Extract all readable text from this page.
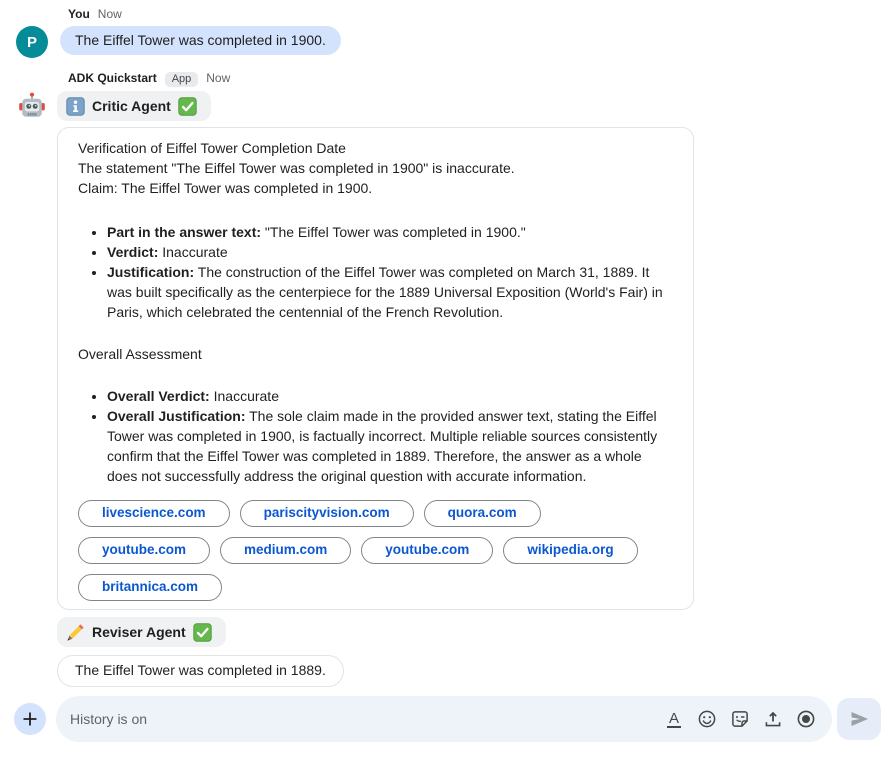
You Now
P	The Eiffel Tower was completed in 1900.
ADK Quickstart	App	Now
Critic Agent

Verification of Eiffel Tower Completion Date

The statement "The Eiffel Tower was completed in 1900" is inaccurate.

Claim: The Eiffel Tower was completed in 1900.

• Part in the answer text: "The Eiffel Tower was completed in 1900."
• Verdict: Inaccurate
• Justification: The construction of the Eiffel Tower was completed on March 31, 1889. It was built specifically as the centerpiece for the 1889 Universal Exposition (World's Fair) in Paris, which celebrated the centennial of the French Revolution.

Overall Assessment

• Overall Verdict: Inaccurate
• Overall Justification: The sole claim made in the provided answer text, stating the Eiffel Tower was completed in 1900, is factually incorrect. Multiple reliable sources consistently confirm that the Eiffel Tower was completed in 1889. Therefore, the answer as a whole does not successfully address the original question with accurate information.
livescience.com	pariscityvision.com	quora.com
youtube.com	medium.com	youtube.com	wikipedia.org
britannica.com
Reviser Agent
The Eiffel Tower was completed in 1889.
History is on
A
